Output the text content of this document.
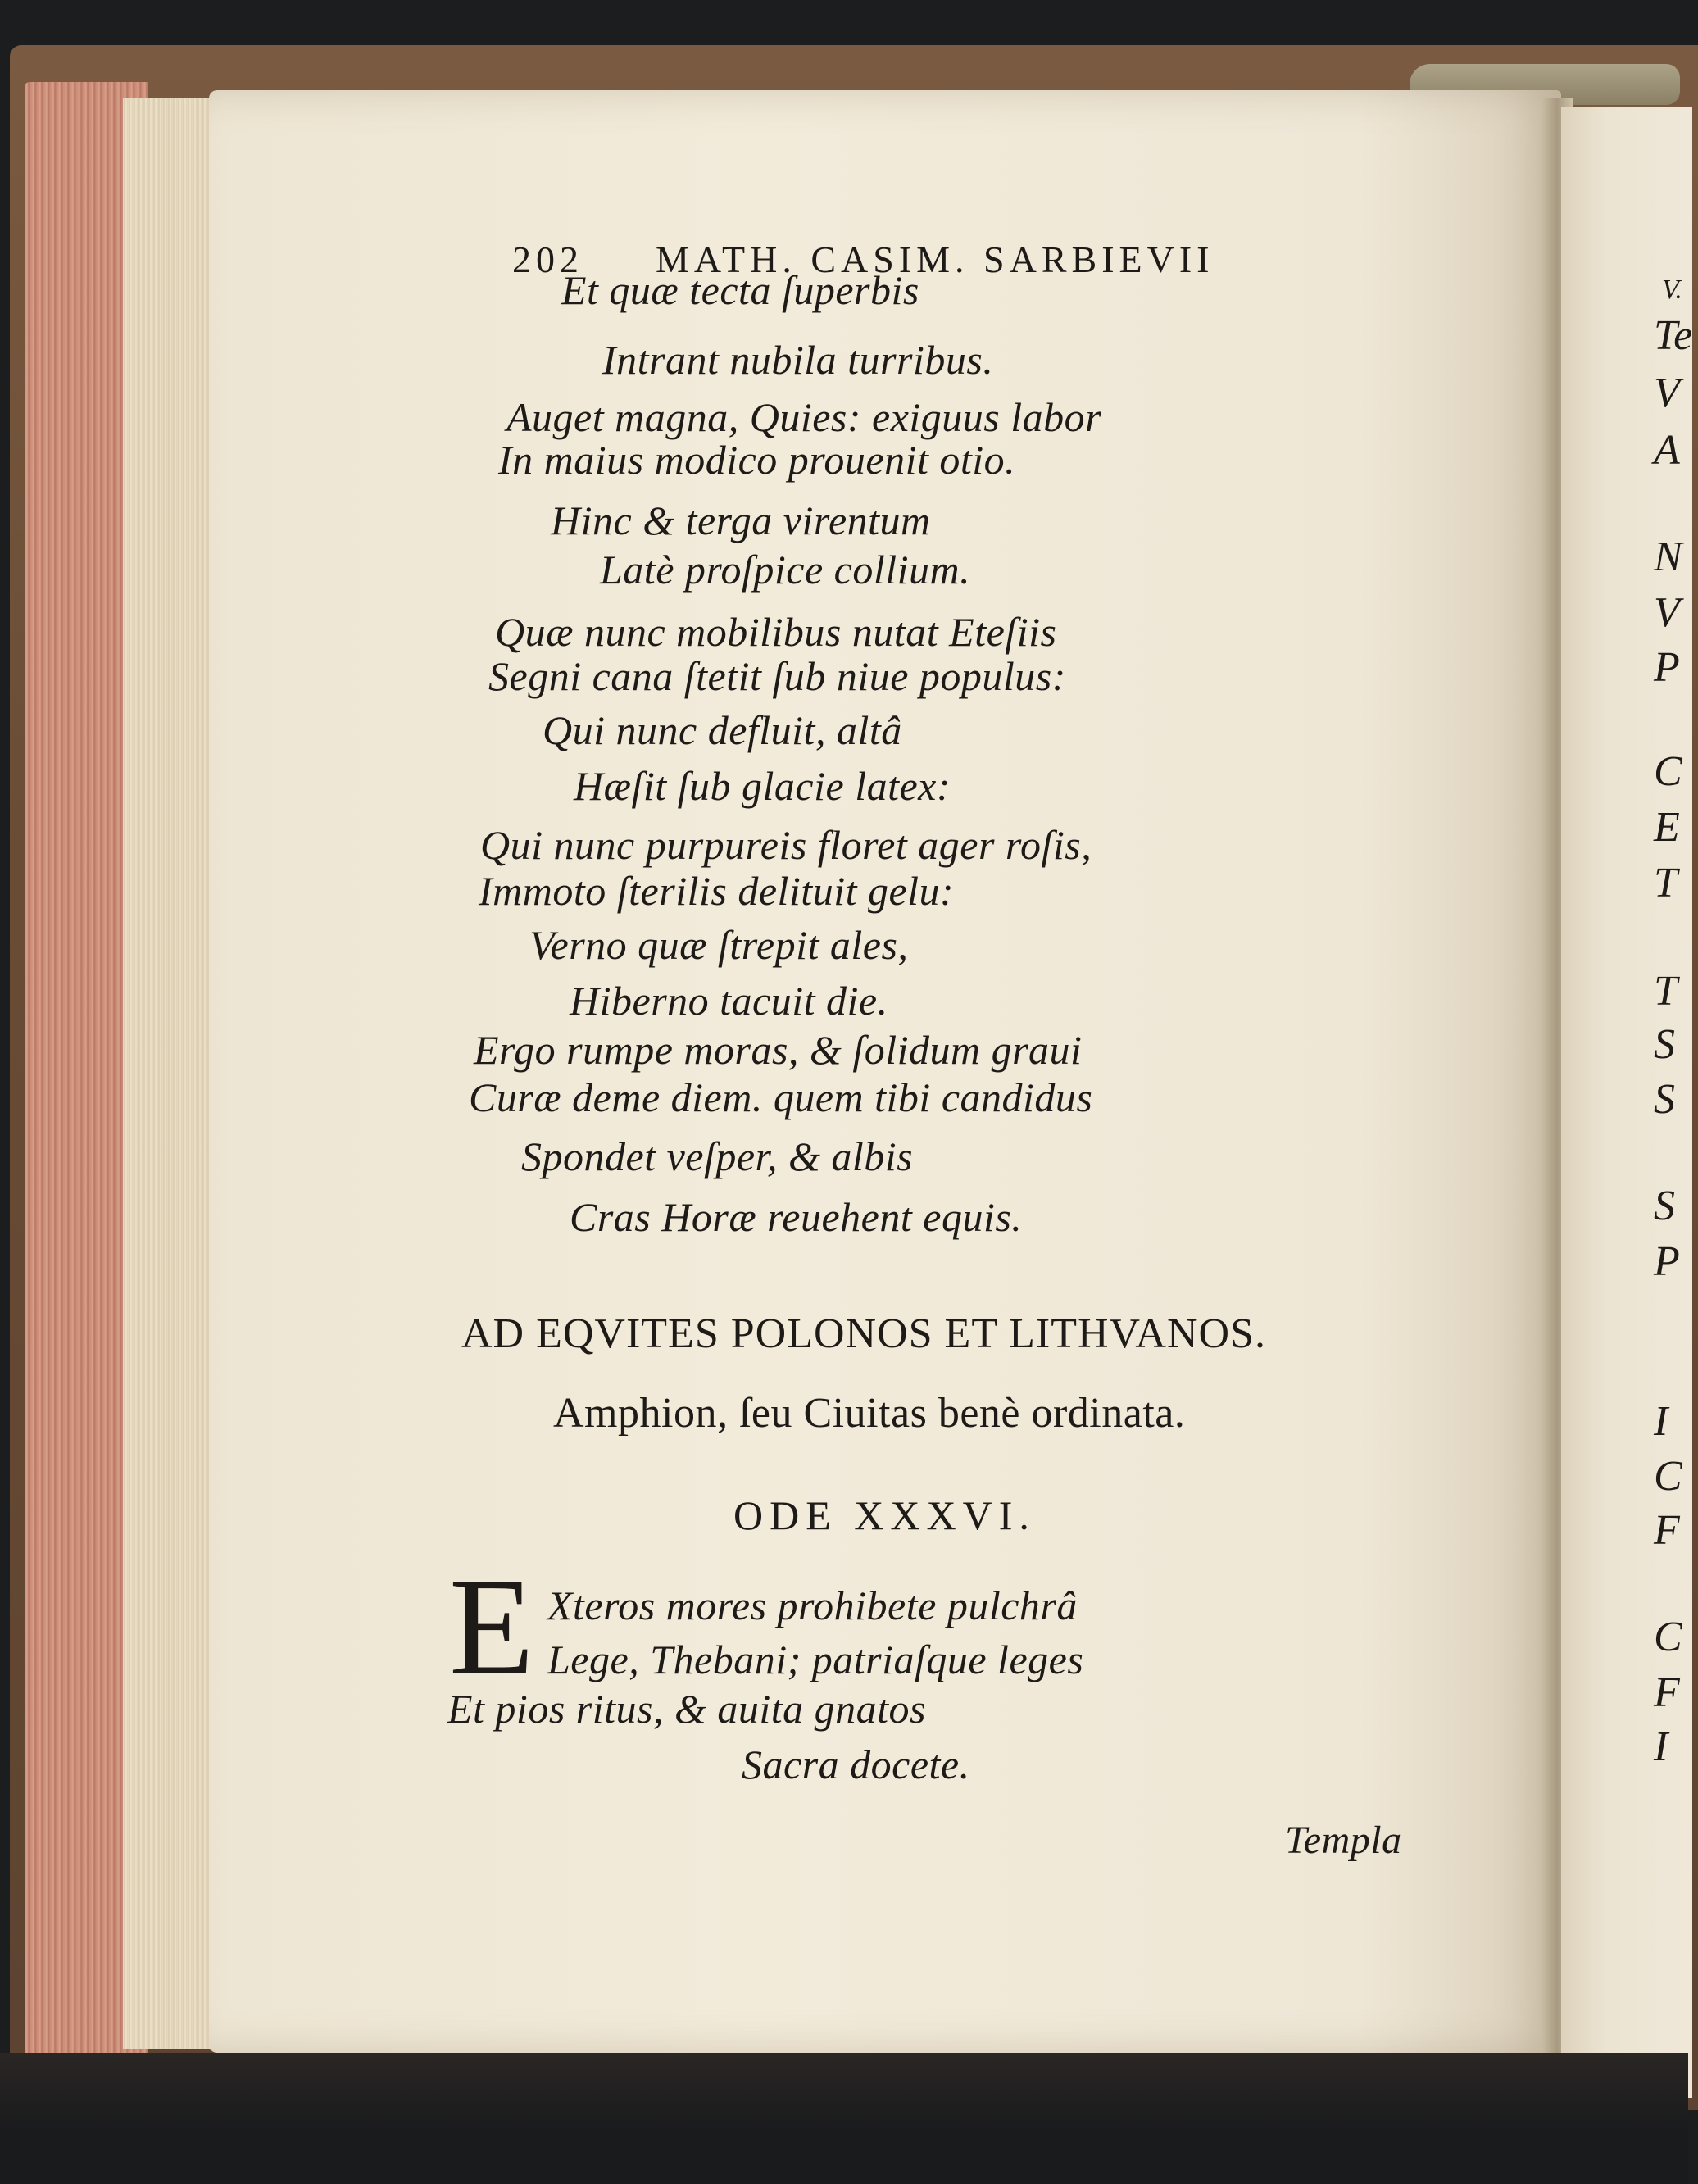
202 MATH. CASIM. SARBIEVII
Et quæ tecta ſuperbis
Intrant nubila turribus.
Auget magna, Quies: exiguus labor
In maius modico prouenit otio.
Hinc & terga virentum
Latè proſpice collium.
Quæ nunc mobilibus nutat Eteſiis
Segni cana ſtetit ſub niue populus:
Qui nunc defluit, altâ
Hæſit ſub glacie latex:
Qui nunc purpureis floret ager roſis,
Immoto ſterilis delituit gelu:
Verno quæ ſtrepit ales,
Hiberno tacuit die.
Ergo rumpe moras, & ſolidum graui
Curæ deme diem. quem tibi candidus
Spondet veſper, & albis
Cras Horæ reuehent equis.
AD EQVITES POLONOS ET LITHVANOS.
Amphion, ſeu Ciuitas benè ordinata.
ODE XXXVI.
E Xteros mores prohibete pulchrâ
Lege, Thebani; patriaſque leges
Et pios ritus, & auita gnatos
Sacra docete.
Templa
V.
Te
V
A
N
V
P
C
E
T
T
S
S
S
P
I
C
F
C
F
I
